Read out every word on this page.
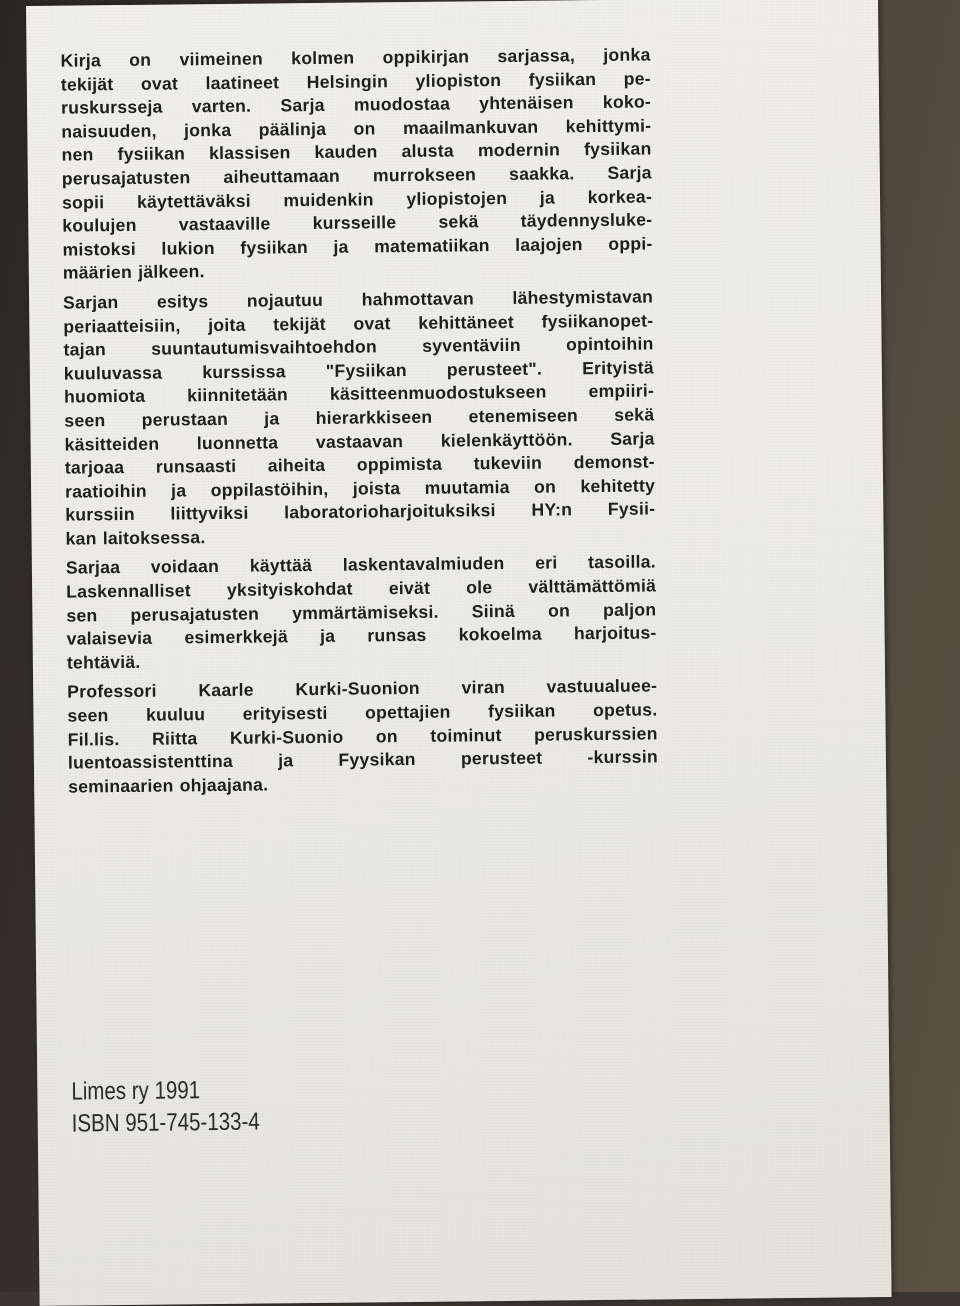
Kirja on viimeinen kolmen oppikirjan sarjassa, jonka
tekijät ovat laatineet Helsingin yliopiston fysiikan pe-
ruskursseja varten. Sarja muodostaa yhtenäisen koko-
naisuuden, jonka päälinja on maailmankuvan kehittymi-
nen fysiikan klassisen kauden alusta modernin fysiikan
perusajatusten aiheuttamaan murrokseen saakka. Sarja
sopii käytettäväksi muidenkin yliopistojen ja korkea-
koulujen vastaaville kursseille sekä täydennysluke-
mistoksi lukion fysiikan ja matematiikan laajojen oppi-
määrien jälkeen.

Sarjan esitys nojautuu hahmottavan lähestymistavan
periaatteisiin, joita tekijät ovat kehittäneet fysiikanopet-
tajan suuntautumisvaihtoehdon syventäviin opintoihin
kuuluvassa kurssissa "Fysiikan perusteet". Erityistä
huomiota kiinnitetään käsitteenmuodostukseen empiiri-
seen perustaan ja hierarkkiseen etenemiseen sekä
käsitteiden luonnetta vastaavan kielenkäyttöön. Sarja
tarjoaa runsaasti aiheita oppimista tukeviin demonst-
raatioihin ja oppilastöihin, joista muutamia on kehitetty
kurssiin liittyviksi laboratorioharjoituksiksi HY:n Fysii-
kan laitoksessa.

Sarjaa voidaan käyttää laskentavalmiuden eri tasoilla.
Laskennalliset yksityiskohdat eivät ole välttämättömiä
sen perusajatusten ymmärtämiseksi. Siinä on paljon
valaisevia esimerkkejä ja runsas kokoelma harjoitus-
tehtäviä.

Professori Kaarle Kurki-Suonion viran vastuualuee-
seen kuuluu erityisesti opettajien fysiikan opetus.
Fil.lis. Riitta Kurki-Suonio on toiminut peruskurssien
luentoassistenttina ja Fyysikan perusteet -kurssin
seminaarien ohjaajana.

Limes ry 1991
ISBN 951-745-133-4
